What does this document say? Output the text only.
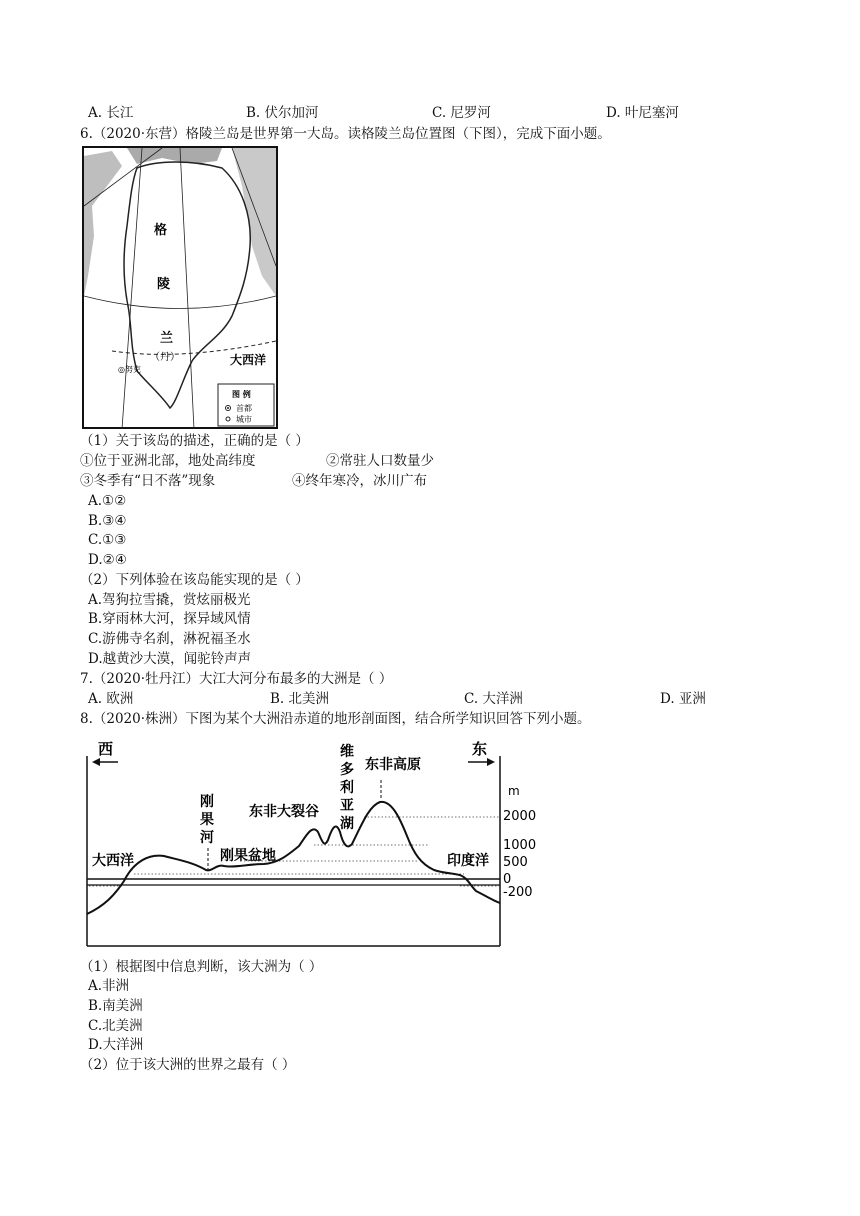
A. 长江	B. 伏尔加河	C. 尼罗河	D. 叶尼塞河
6.（2020·东营）格陵兰岛是世界第一大岛。读格陵兰岛位置图（下图），完成下面小题。
格
陵
兰
（丹）
◎努克
大西洋
图 例
首都
城市
（1）关于该岛的描述，正确的是（ ）
①位于亚洲北部，地处高纬度	②常驻人口数量少
③冬季有“日不落”现象	④终年寒冷，冰川广布
A.①②
B.③④
C.①③
D.②④
（2）下列体验在该岛能实现的是（ ）
A.驾狗拉雪撬，赏炫丽极光
B.穿雨林大河，探异域风情
C.游佛寺名刹，淋祝福圣水
D.越黄沙大漠，闻驼铃声声
7.（2020·牡丹江）大江大河分布最多的大洲是（ ）
A. 欧洲	B. 北美洲	C. 大洋洲	D. 亚洲
8.（2020·株洲）下图为某个大洲沿赤道的地形剖面图，结合所学知识回答下列小题。
西	东
大西洋	印度洋
刚
果
河
刚果盆地
东非大裂谷
维
多
利
亚
湖
东非高原
m
2000
1000
500
0
-200
（1）根据图中信息判断，该大洲为（ ）
A.非洲
B.南美洲
C.北美洲
D.大洋洲
（2）位于该大洲的世界之最有（ ）
